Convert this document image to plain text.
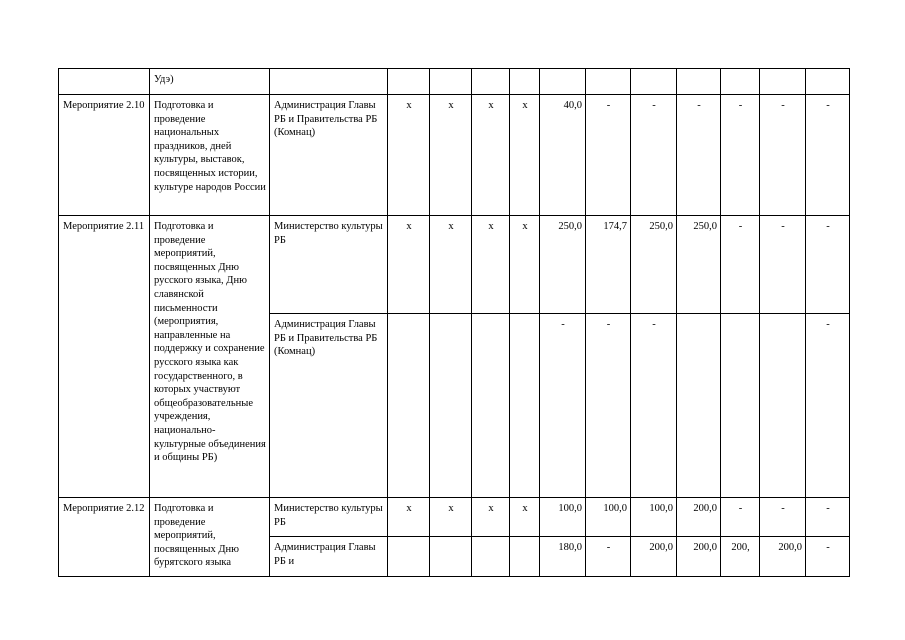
	Удэ)												
Мероприятие 2.10	Подготовка и проведение национальных праздников, дней культуры, выставок, посвященных истории, культуре народов России	Администрация Главы РБ и Правительства РБ (Комнац)	х	х	х	х	40,0	-	-	-	-	-	-
Мероприятие 2.11	Подготовка и проведение мероприятий, посвященных Дню русского языка, Дню славянской письменности (мероприятия, направленные на поддержку и сохранение русского языка как государственного, в которых участвуют общеобразовательные учреждения, национально-культурные объединения и общины РБ)	Министерство культуры РБ	х	х	х	х	250,0	174,7	250,0	250,0	-	-	-
		Администрация Главы РБ и Правительства РБ (Комнац)					-	-	-				-
Мероприятие 2.12	Подготовка и проведение мероприятий, посвященных Дню бурятского языка	Министерство культуры РБ	х	х	х	х	100,0	100,0	100,0	200,0	-	-	-
		Администрация Главы РБ и					180,0	-	200,0	200,0	200,	200,0	-
